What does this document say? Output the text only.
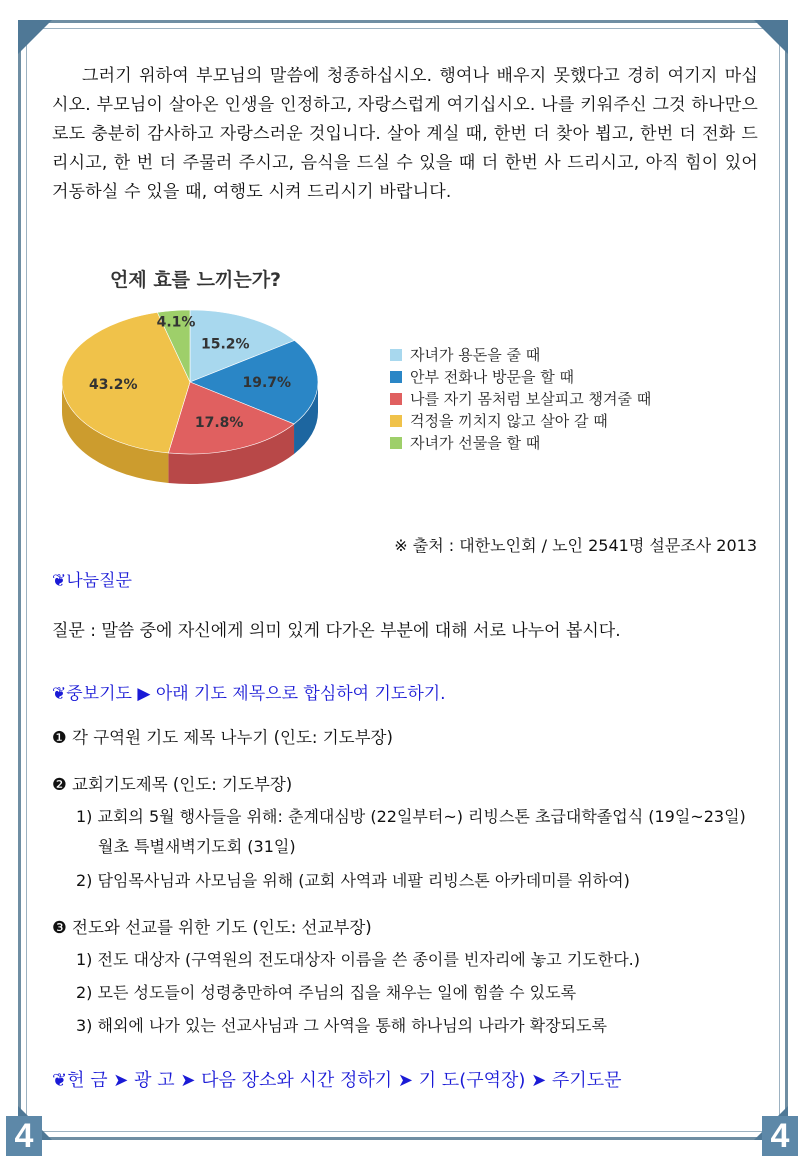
4	4

그러기 위하여 부모님의 말씀에 청종하십시오. 행여나 배우지 못했다고 경히 여기지 마십시오. 부모님이 살아온 인생을 인정하고, 자랑스럽게 여기십시오. 나를 키워주신 그것 하나만으로도 충분히 감사하고 자랑스러운 것입니다. 살아 계실 때, 한번 더 찾아 뵙고, 한번 더 전화 드리시고, 한 번 더 주물러 주시고, 음식을 드실 수 있을 때 더 한번 사 드리시고, 아직 힘이 있어 거동하실 수 있을 때, 여행도 시켜 드리시기 바랍니다.

언제 효를 느끼는가?
15.2%
19.7%
17.8%
43.2%
4.1%
자녀가 용돈을 줄 때
안부 전화나 방문을 할 때
나를 자기 몸처럼 보살피고 챙겨줄 때
걱정을 끼치지 않고 살아 갈 때
자녀가 선물을 할 때
※ 출처 : 대한노인회 / 노인 2541명 설문조사 2013
❦나눔질문
질문 : 말씀 중에 자신에게 의미 있게 다가온 부분에 대해 서로 나누어 봅시다.
❦중보기도 ▶ 아래 기도 제목으로 합심하여 기도하기.
❶ 각 구역원 기도 제목 나누기 (인도: 기도부장)
❷ 교회기도제목 (인도: 기도부장)
1) 교회의 5월 행사들을 위해: 춘계대심방 (22일부터~) 리빙스톤 초급대학졸업식 (19일~23일)
월초 특별새벽기도회 (31일)
2) 담임목사님과 사모님을 위해 (교회 사역과 네팔 리빙스톤 아카데미를 위하여)
❸ 전도와 선교를 위한 기도 (인도: 선교부장)
1) 전도 대상자 (구역원의 전도대상자 이름을 쓴 종이를 빈자리에 놓고 기도한다.)
2) 모든 성도들이 성령충만하여 주님의 집을 채우는 일에 힘쓸 수 있도록
3) 해외에 나가 있는 선교사님과 그 사역을 통해 하나님의 나라가 확장되도록
❦헌 금 ➤ 광 고 ➤ 다음 장소와 시간 정하기 ➤ 기 도(구역장) ➤ 주기도문
